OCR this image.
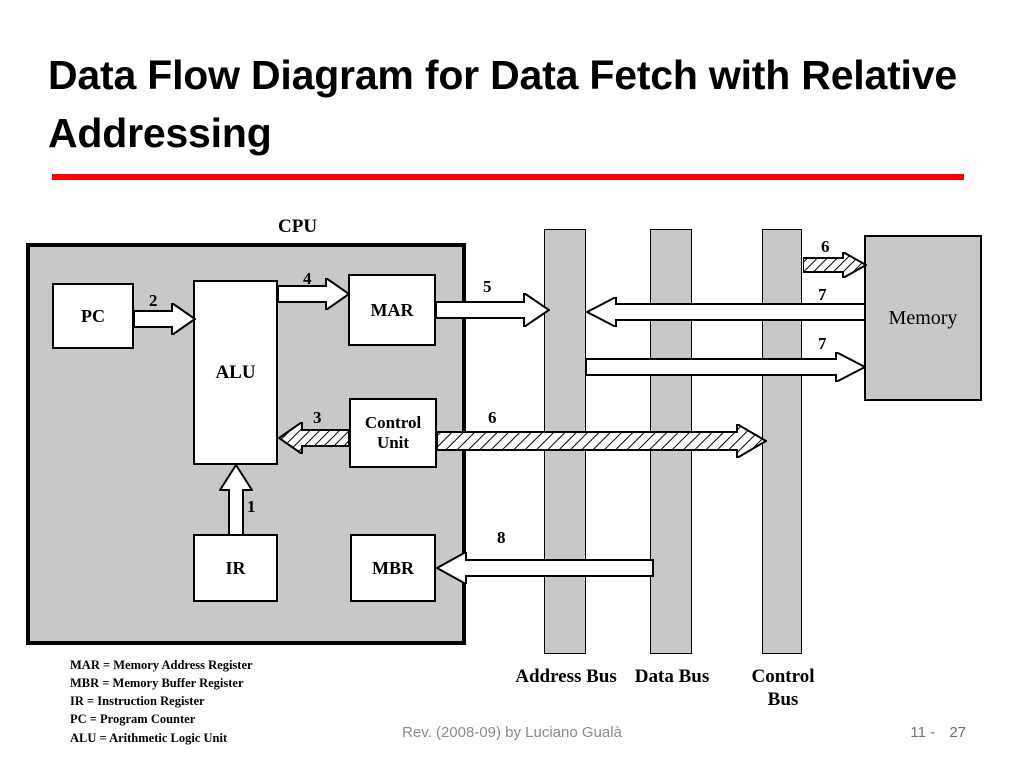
Data Flow Diagram for Data Fetch with Relative Addressing
CPU
PC
ALU
MAR
Control Unit
IR	MBR
Memory
Address Bus Data Bus	Control Bus
1
2
3
4	5
6
6
7
7
8
MAR = Memory Address Register
MBR = Memory Buffer Register
IR = Instruction Register
PC = Program Counter
ALU = Arithmetic Logic Unit	Rev. (2008-09) by Luciano Gualà	11 - 27
